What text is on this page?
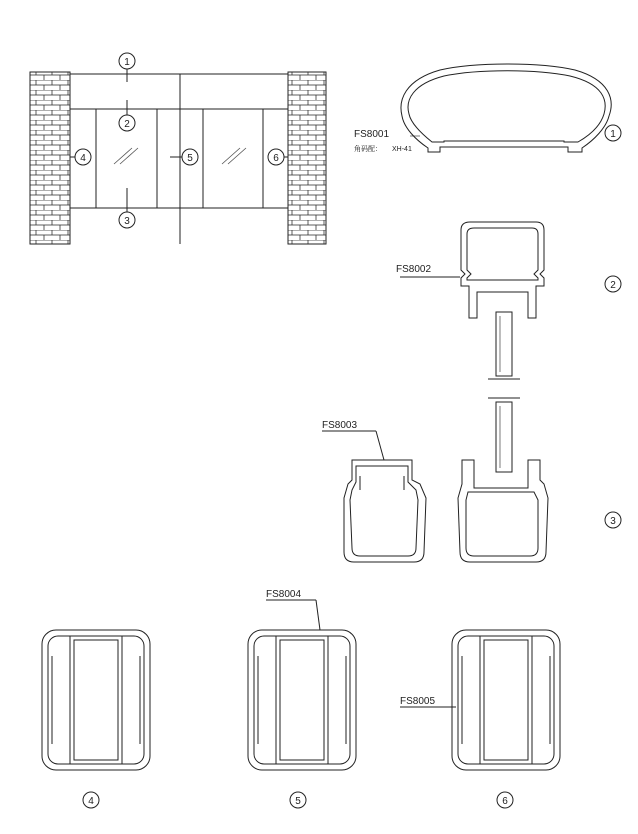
1
2
3
4	5	6
FS8001
角码配： XH-41
1
FS8002
2
FS8003
3
4
FS8004
5
FS8005
6
